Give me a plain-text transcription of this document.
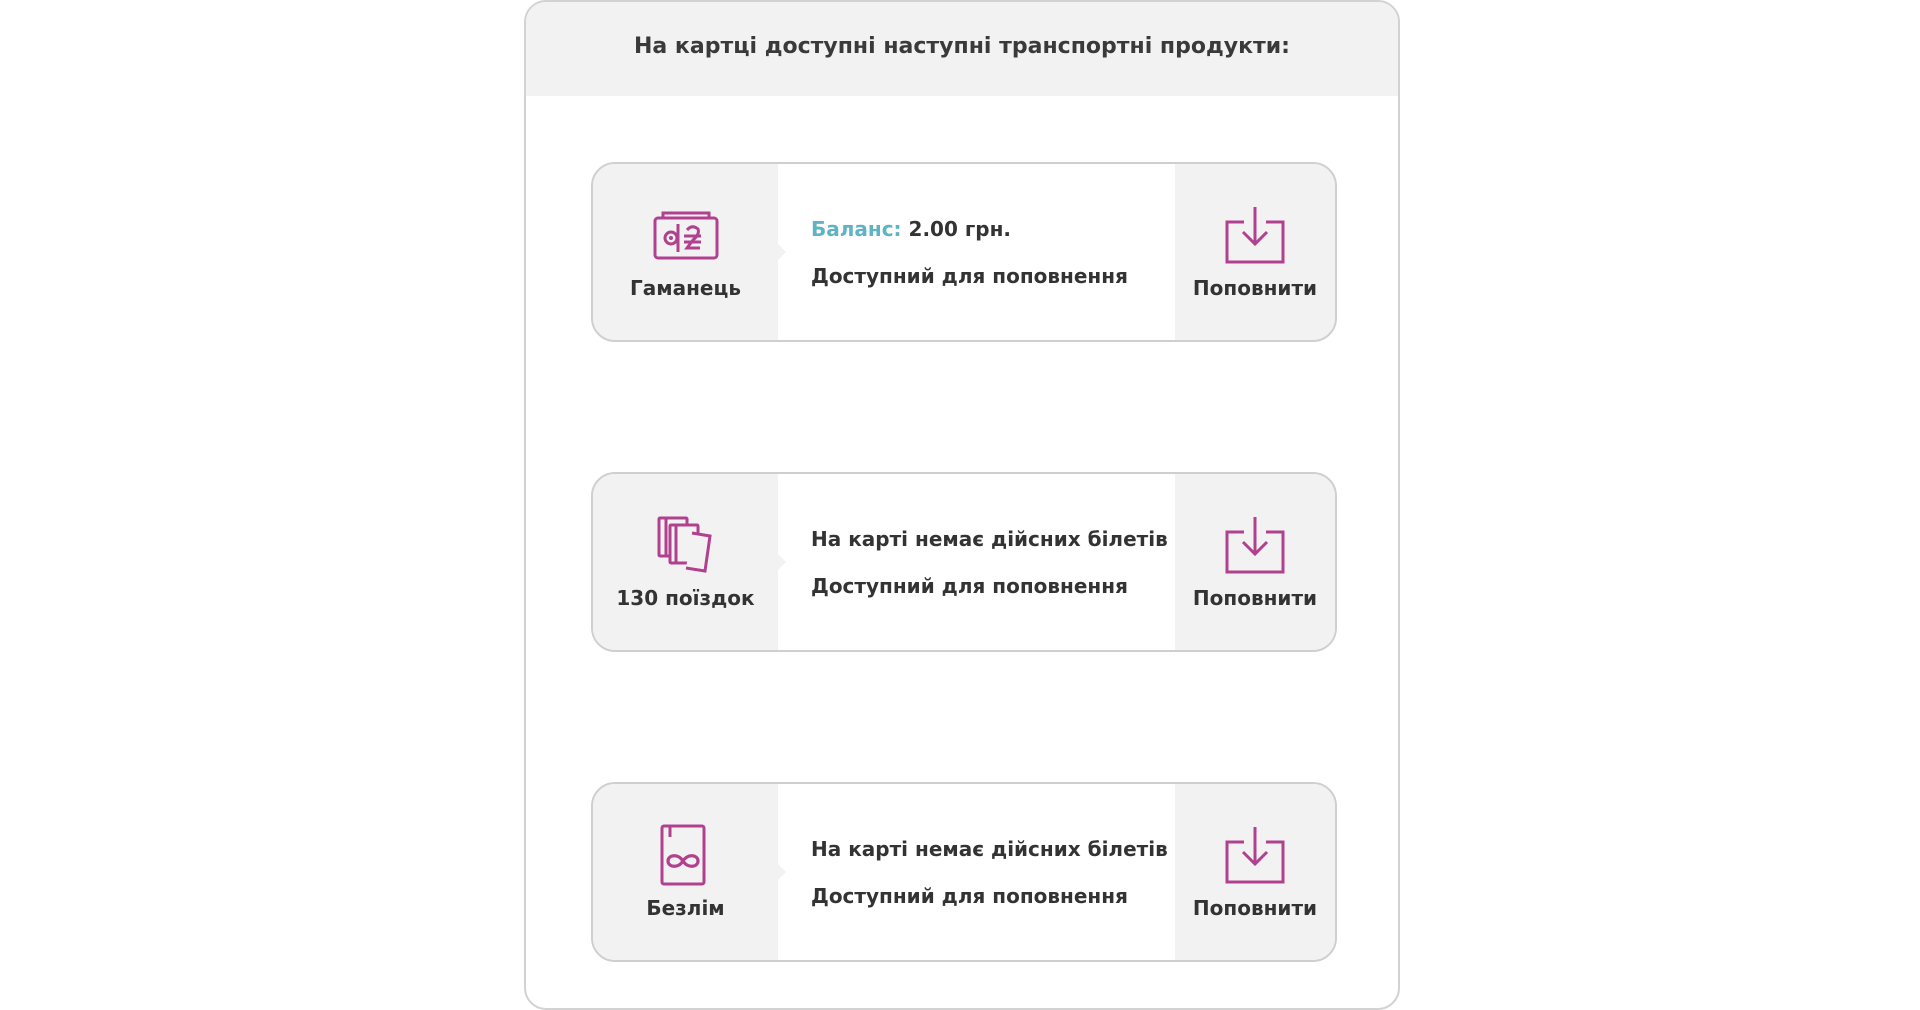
На картці доступні наступні транспортні продукти:
Гаманець
Баланс: 2.00 грн.
Доступний для поповнення
Поповнити
130 поїздок
На карті немає дійсних білетів
Доступний для поповнення
Поповнити
Безлім
На карті немає дійсних білетів
Доступний для поповнення
Поповнити
